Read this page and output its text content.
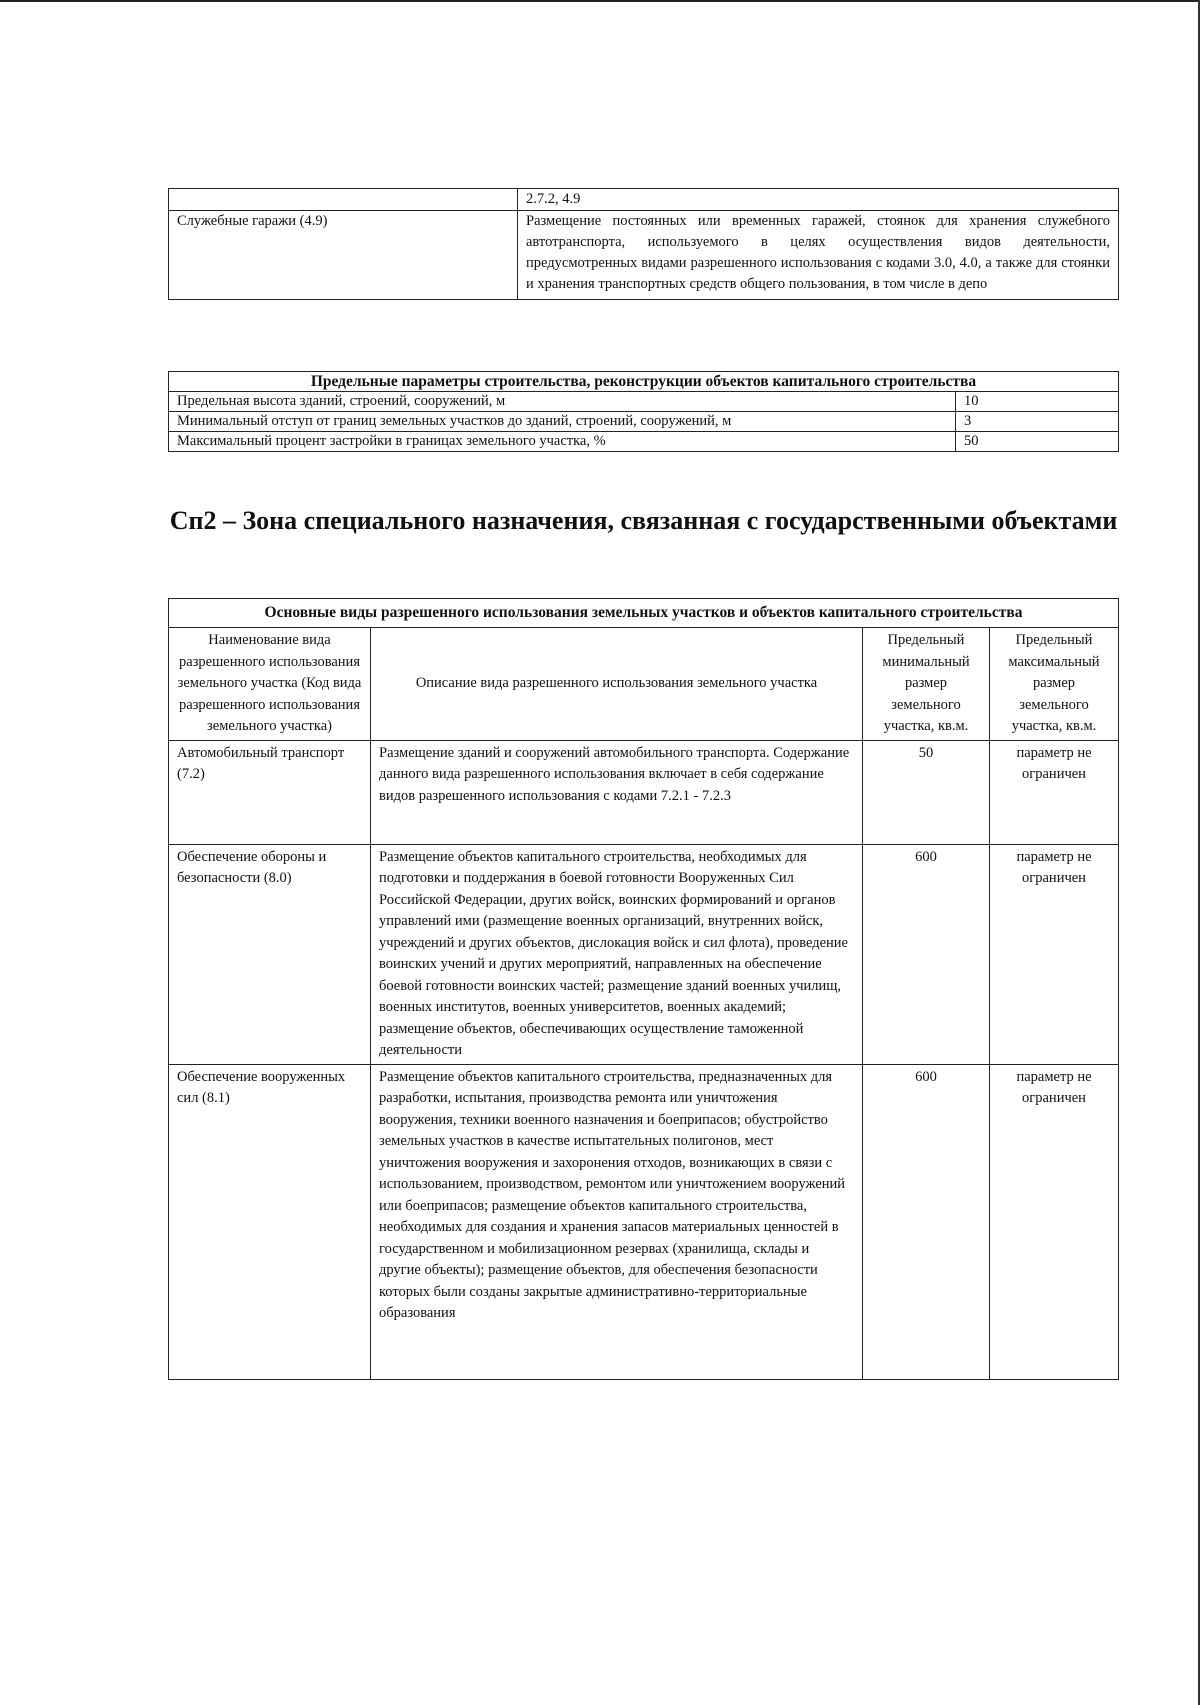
	2.7.2, 4.9
Служебные гаражи (4.9)	Размещение постоянных или временных гаражей, стоянок для хранения служебного автотранспорта, используемого в целях осуществления видов деятельности, предусмотренных видами разрешенного использования с кодами 3.0, 4.0, а также для стоянки и хранения транспортных средств общего пользования, в том числе в депо
Предельные параметры строительства, реконструкции объектов капитального строительства	
Предельная высота зданий, строений, сооружений, м	10
Минимальный отступ от границ земельных участков до зданий, строений, сооружений, м	3
Максимальный процент застройки в границах земельного участка, %	50
Сп2 – Зона специального назначения, связанная с государственными объектами
Основные виды разрешенного использования земельных участков и объектов капитального строительства			
Наименование вида разрешенного использования земельного участка (Код вида разрешенного использования земельного участка)	Описание вида разрешенного использования земельного участка	Предельный минимальный размер земельного участка, кв.м.	Предельный максимальный размер земельного участка, кв.м.
Автомобильный транспорт (7.2)	Размещение зданий и сооружений автомобильного транспорта. Содержание данного вида разрешенного использования включает в себя содержание видов разрешенного использования с кодами 7.2.1 - 7.2.3	50	параметр не ограничен
Обеспечение обороны и безопасности (8.0)	Размещение объектов капитального строительства, необходимых для подготовки и поддержания в боевой готовности Вооруженных Сил Российской Федерации, других войск, воинских формирований и органов управлений ими (размещение военных организаций, внутренних войск, учреждений и других объектов, дислокация войск и сил флота), проведение воинских учений и других мероприятий, направленных на обеспечение боевой готовности воинских частей; размещение зданий военных училищ, военных институтов, военных университетов, военных академий; размещение объектов, обеспечивающих осуществление таможенной деятельности	600	параметр не ограничен
Обеспечение вооруженных сил (8.1)	Размещение объектов капитального строительства, предназначенных для разработки, испытания, производства ремонта или уничтожения вооружения, техники военного назначения и боеприпасов; обустройство земельных участков в качестве испытательных полигонов, мест уничтожения вооружения и захоронения отходов, возникающих в связи с использованием, производством, ремонтом или уничтожением вооружений или боеприпасов; размещение объектов капитального строительства, необходимых для создания и хранения запасов материальных ценностей в государственном и мобилизационном резервах (хранилища, склады и другие объекты); размещение объектов, для обеспечения безопасности которых были созданы закрытые административно-территориальные образования	600	параметр не ограничен
